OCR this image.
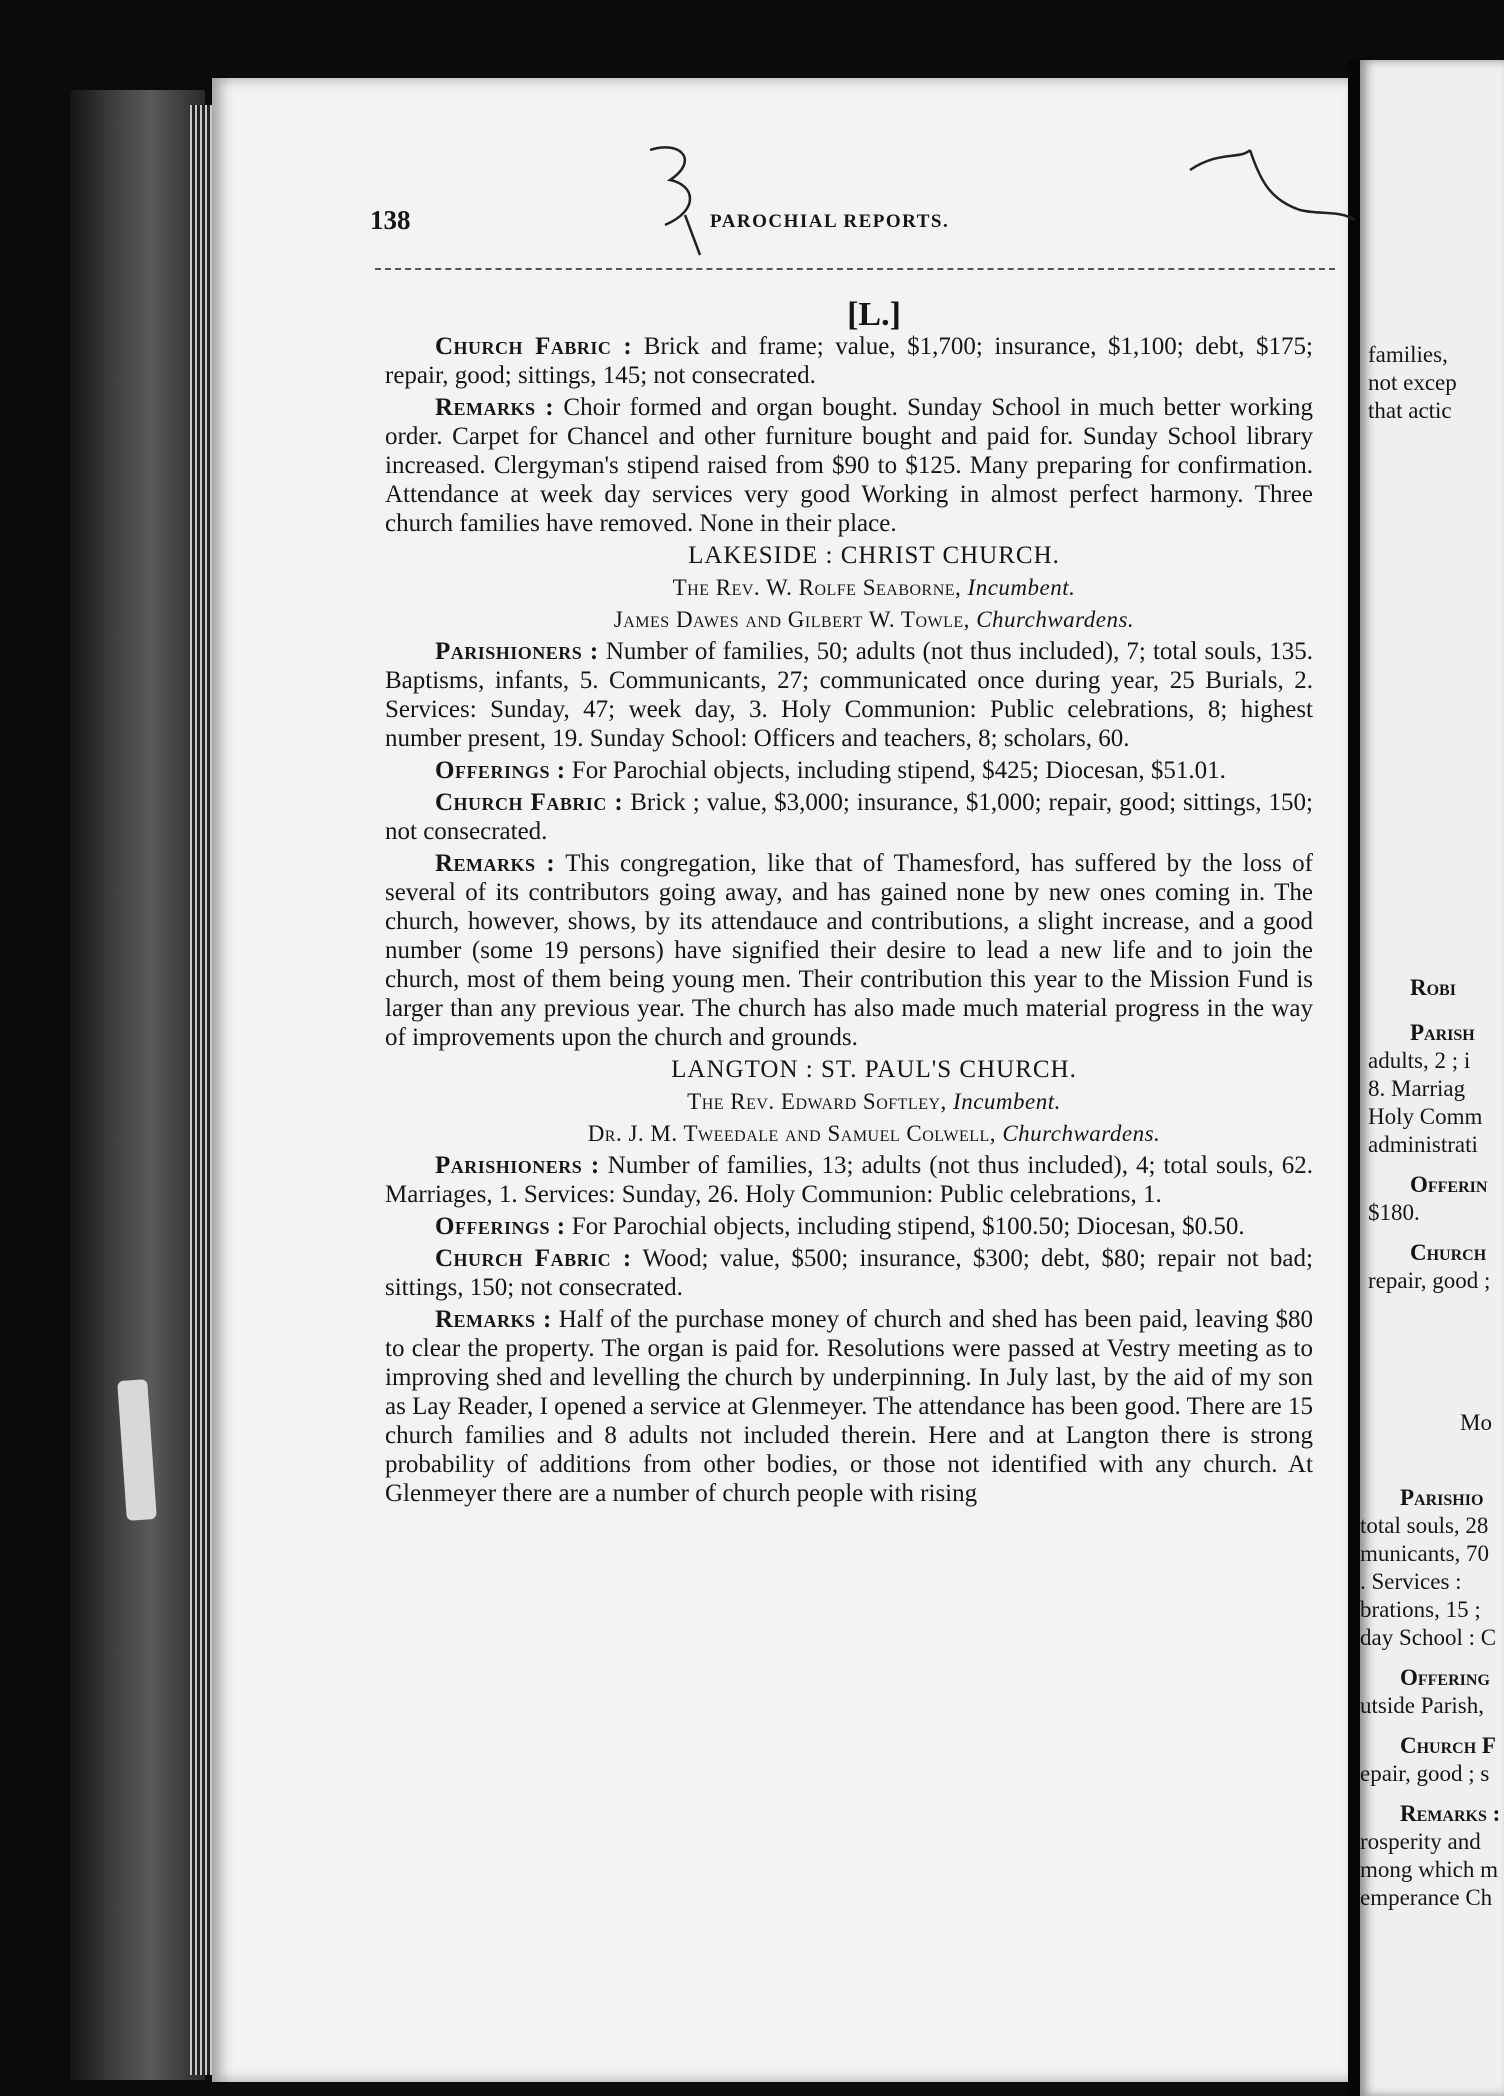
138	PAROCHIAL REPORTS.

[L.]

Church Fabric : Brick and frame; value, $1,700; insurance, $1,100; debt, $175; repair, good; sittings, 145; not consecrated.

Remarks : Choir formed and organ bought. Sunday School in much better working order. Carpet for Chancel and other furniture bought and paid for. Sunday School library increased. Clergyman's stipend raised from $90 to $125. Many preparing for confirmation. Attendance at week day services very good Working in almost perfect harmony. Three church families have removed. None in their place.

LAKESIDE : CHRIST CHURCH.

The Rev. W. Rolfe Seaborne, Incumbent.

James Dawes and Gilbert W. Towle, Churchwardens.

Parishioners : Number of families, 50; adults (not thus included), 7; total souls, 135. Baptisms, infants, 5. Communicants, 27; communicated once during year, 25 Burials, 2. Services: Sunday, 47; week day, 3. Holy Communion: Public celebrations, 8; highest number present, 19. Sunday School: Officers and teachers, 8; scholars, 60.

Offerings : For Parochial objects, including stipend, $425; Diocesan, $51.01.

Church Fabric : Brick ; value, $3,000; insurance, $1,000; repair, good; sittings, 150; not consecrated.

Remarks : This congregation, like that of Thamesford, has suffered by the loss of several of its contributors going away, and has gained none by new ones coming in. The church, however, shows, by its attendauce and contributions, a slight increase, and a good number (some 19 persons) have signified their desire to lead a new life and to join the church, most of them being young men. Their contribution this year to the Mission Fund is larger than any previous year. The church has also made much material progress in the way of improvements upon the church and grounds.

LANGTON : ST. PAUL'S CHURCH.

The Rev. Edward Softley, Incumbent.

Dr. J. M. Tweedale and Samuel Colwell, Churchwardens.

Parishioners : Number of families, 13; adults (not thus included), 4; total souls, 62. Marriages, 1. Services: Sunday, 26. Holy Communion: Public celebrations, 1.

Offerings : For Parochial objects, including stipend, $100.50; Diocesan, $0.50.

Church Fabric : Wood; value, $500; insurance, $300; debt, $80; repair not bad; sittings, 150; not consecrated.

Remarks : Half of the purchase money of church and shed has been paid, leaving $80 to clear the property. The organ is paid for. Resolutions were passed at Vestry meeting as to improving shed and levelling the church by underpinning. In July last, by the aid of my son as Lay Reader, I opened a service at Glenmeyer. The attendance has been good. There are 15 church families and 8 adults not included therein. Here and at Langton there is strong probability of additions from other bodies, or those not identified with any church. At Glenmeyer there are a number of church people with rising

families,
not excep
that actic
Robi
Parish
adults, 2 ; i
8. Marriag
Holy Comm
administrati
Offerin
$180.
Church
repair, good ;
Mo
Parishio
total souls, 28
municants, 70
. Services :
brations, 15 ;
day School : C
Offering
utside Parish,
Church F
epair, good ; s
Remarks :
rosperity and
mong which m
emperance Ch
